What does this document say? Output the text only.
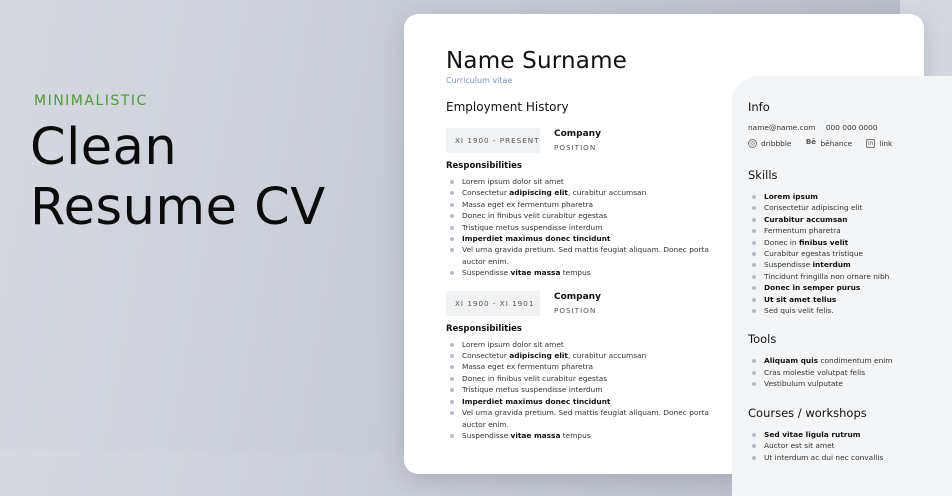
MINIMALISTIC
Clean
Resume CV
Name Surname
Curriculum vitae
Employment History
XI 1900 - PRESENT
Company
POSITION
Responsibilities
Lorem ipsum dolor sit amet
Consectetur adipiscing elit, curabitur accumsan
Massa eget ex fermentum pharetra
Donec in finibus velit curabitur egestas
Tristique metus suspendisse interdum
Imperdiet maximus donec tincidunt
Vel urna gravida pretium. Sed mattis feugiat aliquam. Donec porta auctor enim.
Suspendisse vitae massa tempus
XI 1900 - XI 1901
Company
POSITION
Responsibilities
Lorem ipsum dolor sit amet
Consectetur adipiscing elit, curabitur accumsan
Massa eget ex fermentum pharetra
Donec in finibus velit curabitur egestas
Tristique metus suspendisse interdum
Imperdiet maximus donec tincidunt
Vel urna gravida pretium. Sed mattis feugiat aliquam. Donec porta auctor enim.
Suspendisse vitae massa tempus
Info
name@name.com 000 000 0000
◎ dribbble Bē bēhance	in link
Skills
Lorem ipsum
Consectetur adipiscing elit
Curabitur accumsan
Fermentum pharetra
Donec in finibus velit
Curabitur egestas tristique
Suspendisse interdum
Tincidunt fringilla non ornare nibh
Donec in semper purus
Ut sit amet tellus
Sed quis velit felis.
Tools
Aliquam quis condimentum enim
Cras molestie volutpat felis
Vestibulum vulputate
Courses / workshops
Sed vitae ligula rutrum
Auctor est sit amet
Ut interdum ac dui nec convallis
